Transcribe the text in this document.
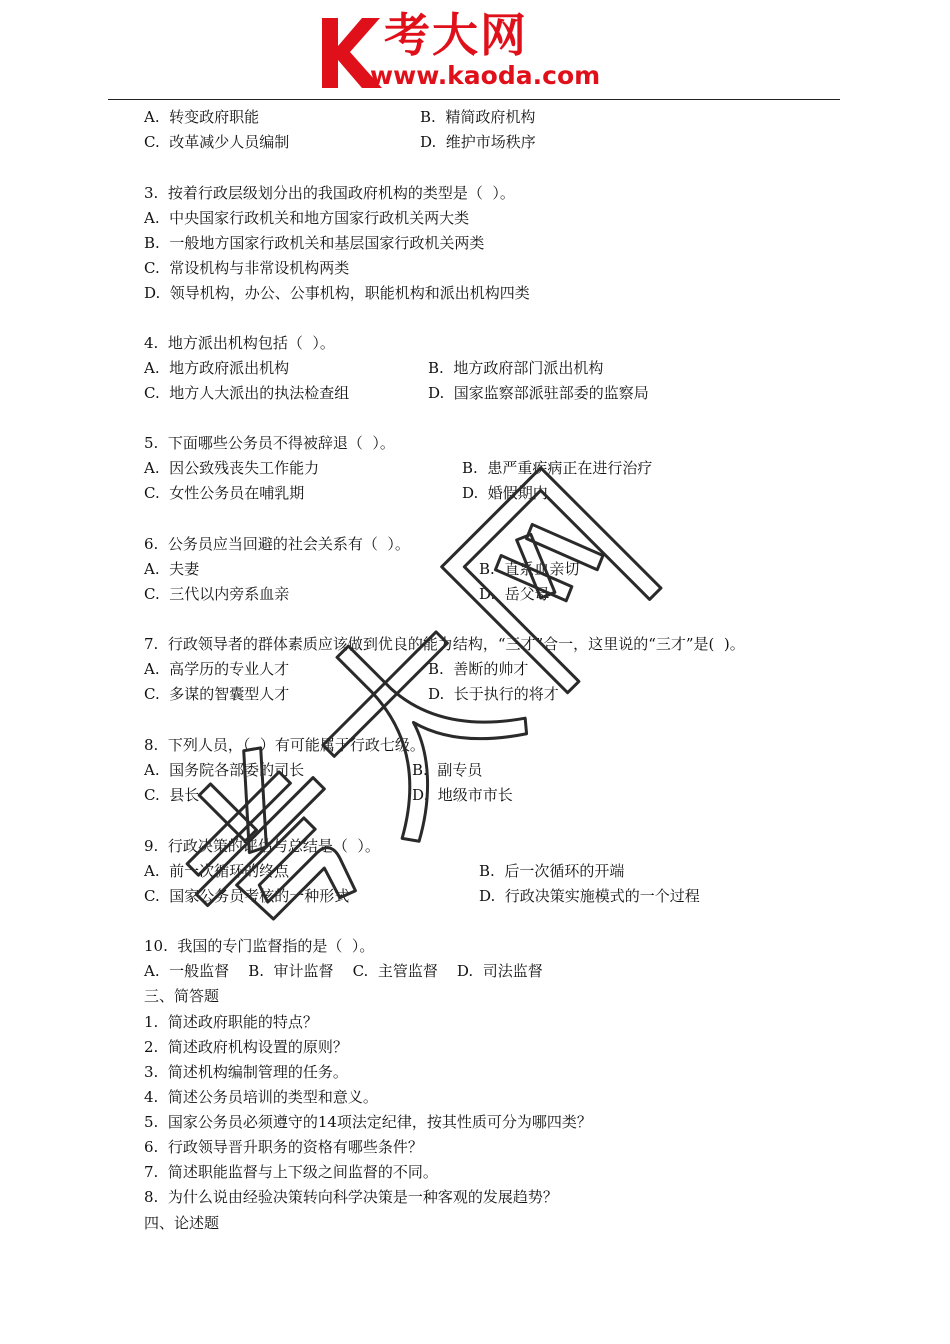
考大网
www.kaoda.com
A.  转变政府职能	B.  精简政府机构
C.  改革减少人员编制	D.  维护市场秩序
3.  按着行政层级划分出的我国政府机构的类型是（  ）。
A.  中央国家行政机关和地方国家行政机关两大类
B.  一般地方国家行政机关和基层国家行政机关两类
C.  常设机构与非常设机构两类
D.  领导机构，办公、公事机构，职能机构和派出机构四类
4.  地方派出机构包括（  ）。
A.  地方政府派出机构	B.  地方政府部门派出机构
C.  地方人大派出的执法检查组	D.  国家监察部派驻部委的监察局
5.  下面哪些公务员不得被辞退（  ）。
A.  因公致残丧失工作能力	B.  患严重疾病正在进行治疗
C.  女性公务员在哺乳期	D.  婚假期内
6.  公务员应当回避的社会关系有（  ）。
A.  夫妻	B.  直系血亲切
C.  三代以内旁系血亲	D.  岳父母
7.  行政领导者的群体素质应该做到优良的能力结构，“三才”合一，这里说的“三才”是(  )。
A.  高学历的专业人才	B.  善断的帅才
C.  多谋的智囊型人才	D.  长于执行的将才
8.  下列人员，（  ）有可能属于行政七级。
A.  国务院各部委的司长	B.  副专员
C.  县长	D.  地级市市长
9.  行政决策的评估与总结是（  ）。
A.  前一次循环的终点	B.  后一次循环的开端
C.  国家公务员考核的一种形式	D.  行政决策实施模式的一个过程
10.  我国的专门监督指的是（  ）。
A.  一般监督    B.  审计监督    C.  主管监督    D.  司法监督
三、简答题
1.  简述政府职能的特点？
2.  简述政府机构设置的原则？
3.  简述机构编制管理的任务。
4.  简述公务员培训的类型和意义。
5.  国家公务员必须遵守的14项法定纪律，按其性质可分为哪四类？
6.  行政领导晋升职务的资格有哪些条件？
7.  简述职能监督与上下级之间监督的不同。
8.  为什么说由经验决策转向科学决策是一种客观的发展趋势？
四、论述题
